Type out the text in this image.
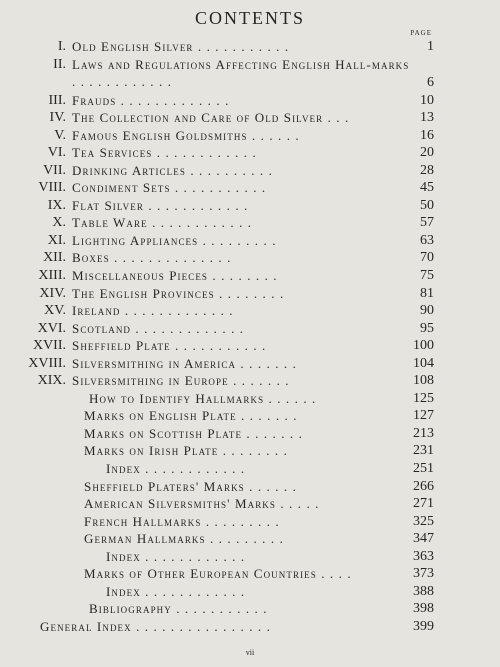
CONTENTS
PAGE
I. Old English Silver . . . . . . . . . . .	1
II. Laws and Regulations Affecting English Hall-marks . . . . . . . . . . . .	6
III. Frauds . . . . . . . . . . . . .	10
IV. The Collection and Care of Old Silver . . .	13
V. Famous English Goldsmiths . . . . . .	16
VI. Tea Services . . . . . . . . . . . .	20
VII. Drinking Articles . . . . . . . . . .	28
VIII. Condiment Sets . . . . . . . . . . .	45
IX. Flat Silver . . . . . . . . . . . .	50
X. Table Ware . . . . . . . . . . . .	57
XI. Lighting Appliances . . . . . . . . .	63
XII. Boxes . . . . . . . . . . . . . .	70
XIII. Miscellaneous Pieces . . . . . . . .	75
XIV. The English Provinces . . . . . . . .	81
XV. Ireland . . . . . . . . . . . . .	90
XVI. Scotland . . . . . . . . . . . . .	95
XVII. Sheffield Plate . . . . . . . . . . .	100
XVIII. Silversmithing in America . . . . . . .	104
XIX. Silversmithing in Europe . . . . . . .	108
How to Identify Hallmarks . . . . . .	125
Marks on English Plate . . . . . . .	127
Marks on Scottish Plate . . . . . . .	213
Marks on Irish Plate . . . . . . . .	231
Index . . . . . . . . . . . .	251
Sheffield Platers' Marks . . . . . .	266
American Silversmiths' Marks . . . . .	271
French Hallmarks . . . . . . . . .	325
German Hallmarks . . . . . . . . .	347
Index . . . . . . . . . . . .	363
Marks of Other European Countries . . . .	373
Index . . . . . . . . . . . .	388
Bibliography . . . . . . . . . . .	398
General Index . . . . . . . . . . . . . . . .	399
vii
